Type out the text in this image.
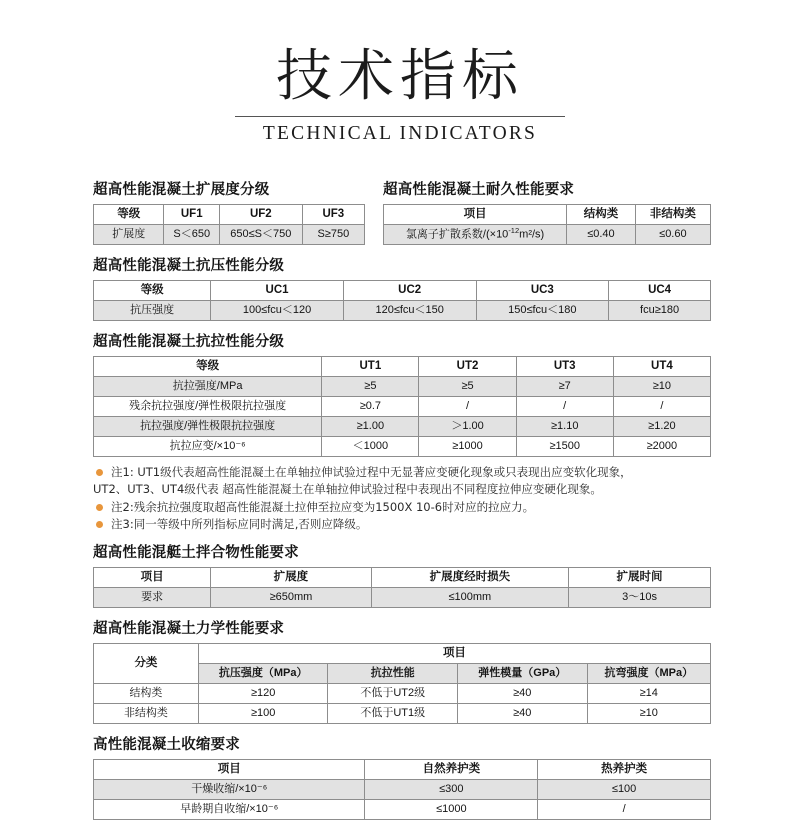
技术指标
TECHNICAL INDICATORS
超高性能混凝土扩展度分级
等级	UF1	UF2	UF3
扩展度	S＜650	650≤S＜750	S≥750
超高性能混凝土耐久性能要求
项目	结构类	非结构类
氯离子扩散系数$/(\times 10^{-12}m^2/s)$	≤0.40	≤0.60
超高性能混凝土抗压性能分级
等级	UC1	UC2	UC3	UC4
抗压强度	100≤fcu＜120	120≤fcu＜150	150≤fcu＜180	fcu≥180
超高性能混凝土抗拉性能分级
等级	UT1	UT2	UT3	UT4
抗拉强度/MPa	≥5	≥5	≥7	≥10
残余抗拉强度/弹性极限抗拉强度	≥0.7	/	/	/
抗拉强度/弹性极限抗拉强度	≥1.00	＞1.00	≥1.10	≥1.20
抗拉应变/×10⁻⁶	＜1000	≥1000	≥1500	≥2000
注1: UT1级代表超高性能混凝土在单轴拉伸试验过程中无显著应变硬化现象或只表现出应变软化现象，
UT2、UT3、UT4级代表 超高性能混凝土在单轴拉伸试验过程中表现出不同程度拉伸应变硬化现象。
注2:残余抗拉强度取超高性能混凝土拉伸至拉应变为1500X 10-6时对应的拉应力。
注3:同一等级中所列指标应同时满足,否则应降级。
超高性能混艇土拌合物性能要求
项目	扩展度	扩展度经时损失	扩展时间
要求	≥650mm	≤100mm	3～10s
超高性能混凝土力学性能要求
分类	项目			
	抗压强度（MPa）	抗拉性能	弹性模量（GPa）	抗弯强度（MPa）
结构类	≥120	不低于UT2级	≥40	≥14
非结构类	≥100	不低于UT1级	≥40	≥10
高性能混凝土收缩要求
项目	自然养护类	热养护类
干燥收缩/×10⁻⁶	≤300	≤100
早龄期自收缩/×10⁻⁶	≤1000	/
